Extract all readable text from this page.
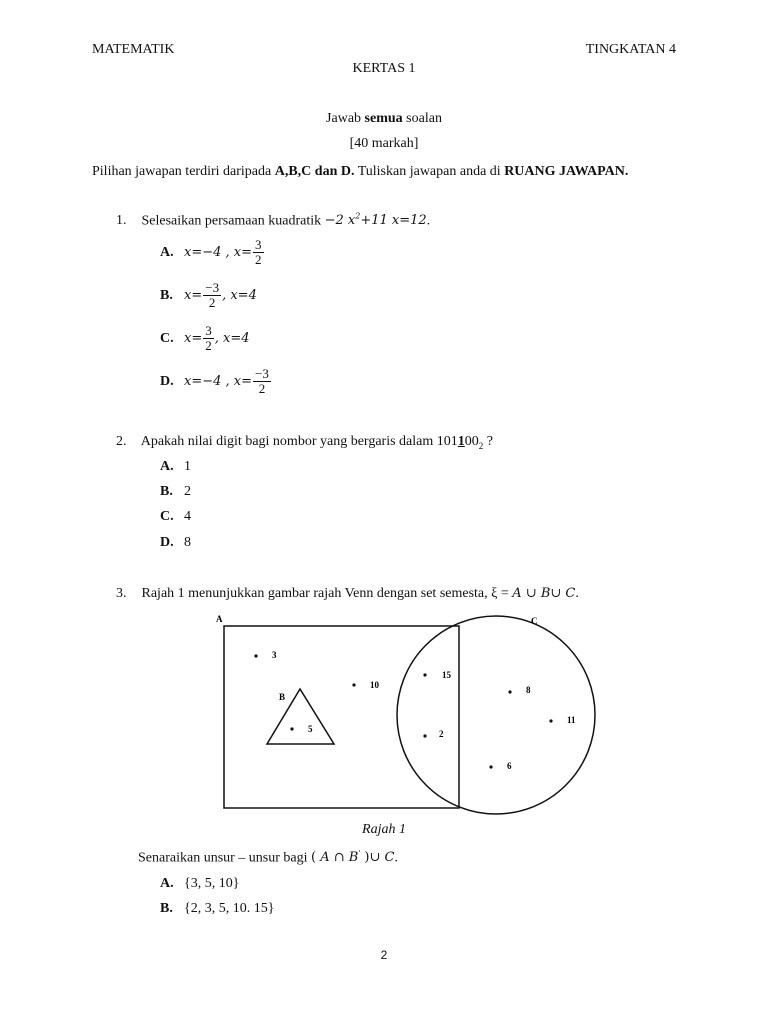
MATEMATIK	TINGKATAN 4
KERTAS 1
Jawab semua soalan
[40 markah]
Pilihan jawapan terdiri daripada A,B,C dan D. Tuliskan jawapan anda di RUANG JAWAPAN.
1. Selesaikan persamaan kuadratik −2 $x^2+11$ x=12.
A. x=−4 , $x= \frac{3}{2}$
B. $x= \frac{-3}{2}$ , x=4
C. $x= \frac{3}{2}$ , x=4
D. x=−4 , $x= \frac{-3}{2}$
2. Apakah nilai digit bagi nombor yang bergaris dalam $101100_2$ ?
A. 1
B. 2
C. 4
D. 8
3. Rajah 1 menunjukkan gambar rajah Venn dengan set semesta, ξ = A ∪ B∪ C.
A	C
B
3
10
5
15
2
8
11
6
Rajah 1
Senaraikan unsur – unsur bagi ( A ∩ B' )∪ C.
A. {3, 5, 10}
B. {2, 3, 5, 10. 15}
2
